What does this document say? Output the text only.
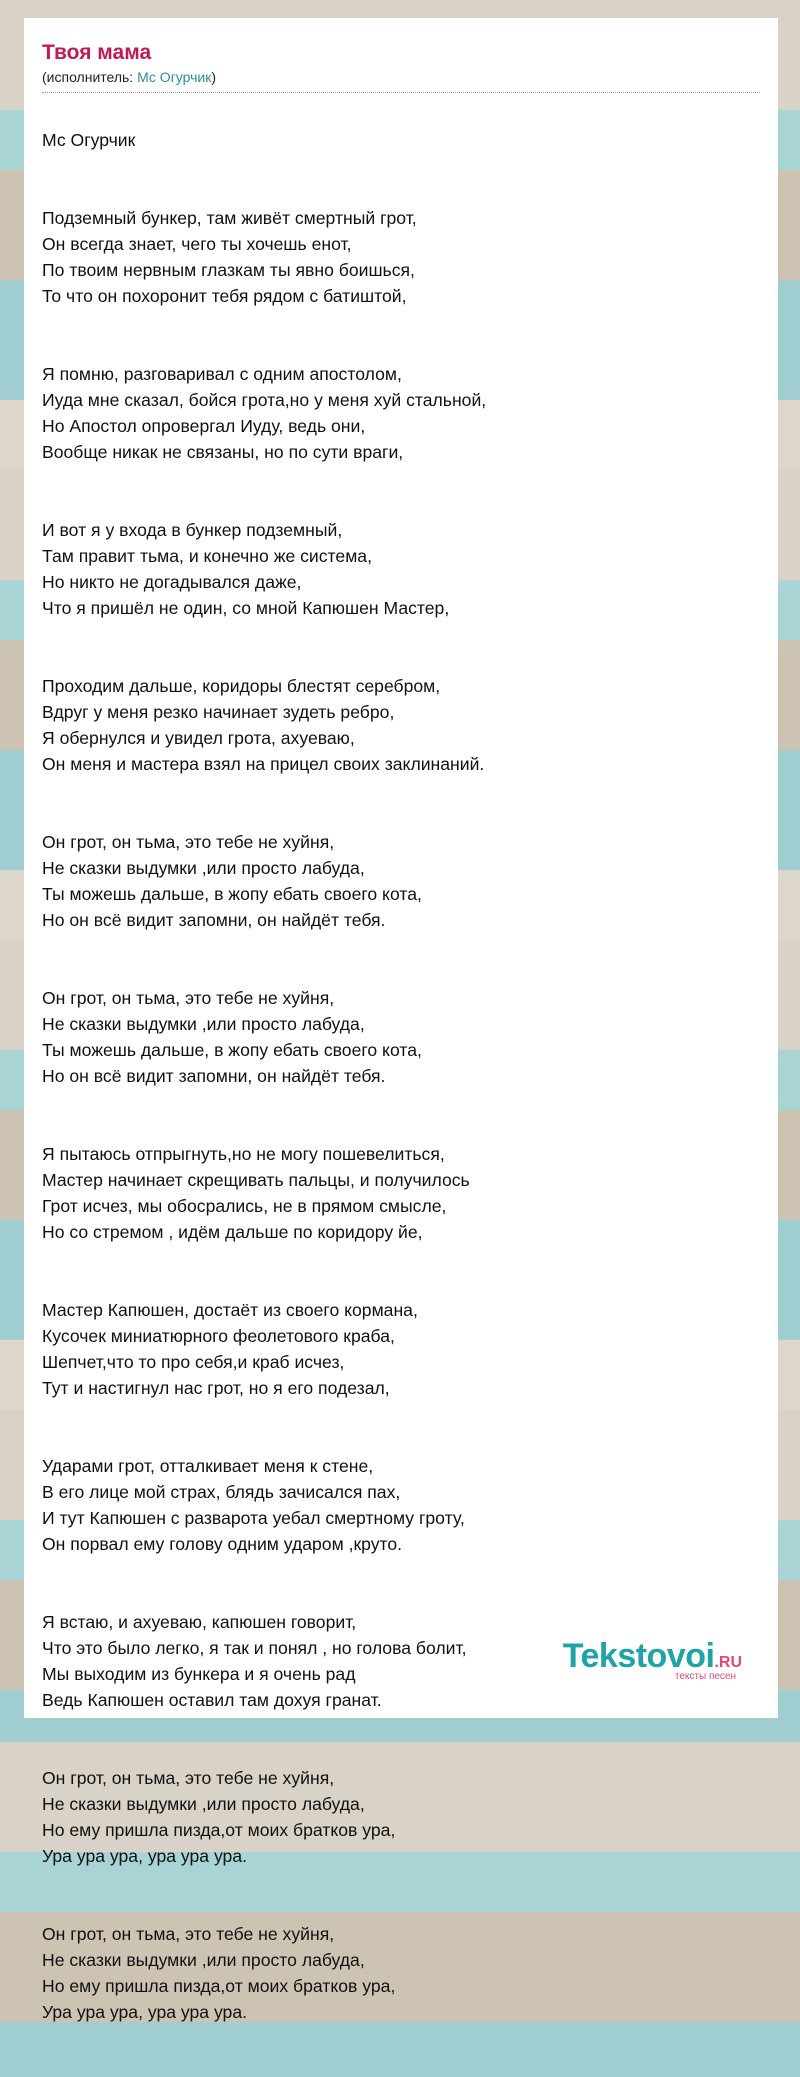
Твоя мама
(исполнитель: Мс Огурчик)

Мс Огурчик

Подземный бункер, там живёт смертный грот,
Он всегда знает, чего ты хочешь енот,
По твоим нервным глазкам ты явно боишься,
То что он похоронит тебя рядом с батиштой,

Я помню, разговаривал с одним апостолом,
Иуда мне сказал, бойся грота,но у меня хуй стальной,
Но Апостол опровергал Иуду, ведь они,
Вообще никак не связаны, но по сути враги,

И вот я у входа в бункер подземный,
Там правит тьма, и конечно же система,
Но никто не догадывался даже,
Что я пришёл не один, со мной Капюшен Мастер,

Проходим дальше, коридоры блестят серебром,
Вдруг у меня резко начинает зудеть ребро,
Я обернулся и увидел грота, ахуеваю,
Он меня и мастера взял на прицел своих заклинаний.

Он грот, он тьма, это тебе не хуйня,
Не сказки выдумки ,или просто лабуда,
Ты можешь дальше, в жопу ебать своего кота,
Но он всё видит запомни, он найдёт тебя.

Он грот, он тьма, это тебе не хуйня,
Не сказки выдумки ,или просто лабуда,
Ты можешь дальше, в жопу ебать своего кота,
Но он всё видит запомни, он найдёт тебя.

Я пытаюсь отпрыгнуть,но не могу пошевелиться,
Мастер начинает скрещивать пальцы, и получилось
Грот исчез, мы обосрались, не в прямом смысле,
Но со стремом , идём дальше по коридору йе,

Мастер Капюшен, достаёт из своего кормана,
Кусочек миниатюрного феолетового краба,
Шепчет,что то про себя,и краб исчез,
Тут и настигнул нас грот, но я его подезал,

Ударами грот, отталкивает меня к стене,
В его лице мой страх, блядь зачисался пах,
И тут Капюшен с разварота уебал смертному гроту,
Он порвал ему голову одним ударом ,круто.

Я встаю, и ахуеваю, капюшен говорит,
Что это было легко, я так и понял , но голова болит,
Мы выходим из бункера и я очень рад
Ведь Капюшен оставил там дохуя гранат.

Он грот, он тьма, это тебе не хуйня,
Не сказки выдумки ,или просто лабуда,
Но ему пришла пизда,от моих братков ура,
Ура ура ура, ура ура ура.

Он грот, он тьма, это тебе не хуйня,
Не сказки выдумки ,или просто лабуда,
Но ему пришла пизда,от моих братков ура,
Ура ура ура, ура ура ура.

Tekstovoi.RU
тексты песен
